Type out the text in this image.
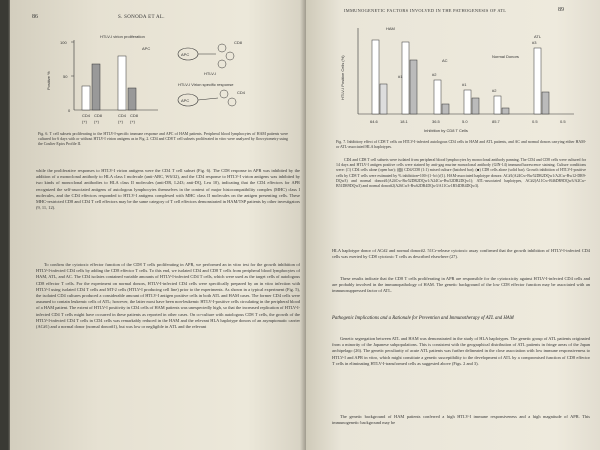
86	S. SONODA ET AL.
100
50
0
Positive %
CD4 CD8	CD4 CD8
(+) (+)	(+) (+)
HTLV-I virion proliferation
APC
APC
CD8
HTLV-I
HTLV-I Virion specific response
APC
CD4
Fig. 6. T cell subsets proliferating to the HTLV-I-specific immune response and APC of HAM patients. Peripheral blood lymphocytes of HAM patients were cultured for 6 days with or without HTLV-I virion antigens as in Fig. 2. CD4 and CD8 T cell subsets proliferated in vitro were analyzed by flowcytometry using the Coulter Epics Profile II.
while the proliferative responses to HTLV-I virion antigens were the CD4 T cell subset (Fig. 6). The CD8 response in APR was inhibited by the addition of a monoclonal antibody to HLA class I molecule (anti-ABC, W6/32), and the CD4 response to HTLV-I virion antigens was inhibited by two kinds of monoclonal antibodies to HLA class II molecules (anti-DR, L243; anti-DQ, Leu 10), indicating that the CD4 effectors for APR recognized the self-associated antigens of autologous lymphocytes themselves in the context of major histocompatibility complex (MHC) class I molecules, and the CD4 effectors responded to HTLV-I antigens complexed with MHC class II molecules on the antigen presenting cells. These MHC-restricted CD8 and CD4 T cell effectors may be the same category of T cell effectors demonstrated in HAM/TSP patients by other investigators (9, 11, 12).
To confirm the cytotoxic effector function of the CD8 T cells proliferating in APR, we performed an in vitro test for the growth inhibition of HTLV-I-infected CD4 cells by adding the CD8 effector T cells. To this end, we isolated CD4 and CD8 T cells from peripheral blood lymphocytes of HAM, ATL, and AC. The CD4 isolates contained variable amounts of HTLV-I-infected CD4 T cells, which were used as the target cells of autologous CD8 effector T cells. For the experiment on normal donors, HTLV-I-infected CD4 cells were specifically prepared by an in vitro infection with HTLV-I using isolated CD4 T cells and MT-2 cells (HTLV-I producing cell line) prior to the experiments. As shown in a typical experiment (Fig. 5), the isolated CD4 cultures produced a considerable amount of HTLV-I antigen positive cells in both ATL and HAM cases. The former CD4 cells were assumed to contain leukemic cells of ATL; however, the latter most have been non-leukemic HTLV-I-positive cells circulating in the peripheral blood of a HAM patient. The extent of HTLV-I positivity in CD4 cells of HAM patients was unexpectedly high, so that the increased replication of HTLV-I-infected CD4 T cells might have occurred in these patients as reported in other cases. On co-culture with autologous CD8 T cells, the growth of the HTLV-I-infected CD4 T cells in CD4 cells was remarkably reduced in the HAM and the relevant HLA haplotype donors of an asymptomatic carrier (AC#1) and a normal donor (normal donor#1), but was low or negligible in ATL and the relevant
IMMUNOGENETIC FACTORS INVOLVED IN THE PATHOGENESIS OF ATL	89
HTLV-I Positive Cells (%)
HAM
AC
Normal Donors
ATL
#1	#2
#1
#2
#3
64.6	18.1	36.5	5.0	85.7	0.5	0.5
Inhibition by CD8 T Cells
Fig. 7. Inhibitory effect of CD8 T cells on HTLV-I-infected autologous CD4 cells in HAM and ATL patients, and AC and normal donors carrying either HAM- or ATL-associated HLA haplotypes.
CD4 and CD8 T cell subsets were isolated from peripheral blood lymphocytes by monoclonal antibody panning. The CD4 and CD8 cells were cultured for 14 days and HTLV-I antigen positive cells were stained by anti-gag murine monoclonal antibody (GIN-14) immunofluorescence staining. Culture conditions were: (□) CD4 cells alone (open bar); (▨) CD4/CD8 (1:1) mixed culture (hatched bar); (■) CD8 cells alone (solid bar). Growth inhibition of HTLV-I-positive cells by CD8 T cells were estimated by % inhibition=100×(1−b/c)/(1). HAM-associated haplotype donors: AC#1(A24Cw-Bw52DR2DQw1/A2Cw-Bw12-DR9-DQw3) and normal donor#1(A24Cw-Bw52DR2DQw1/A24Cw-Bw52DR2DQw1); ATL-associated haplotypes, AC#2(A11Cw-B46DR9DQw3/A2Cw-B51DR9DQw3) and normal donor#2(A26Cw3-Bw62DR4DQw3/A11Cw1B54DR4DQw3).
HLA haplotype donor of AC#2 and normal donor#2. 51Cr-release cytotoxic assay confirmed that the growth inhibition of HTLV-I-infected CD4 cells was exerted by CD8 cytotoxic T cells as described elsewhere (27).
These results indicate that the CD8 T cells proliferating in APR are responsible for the cytotoxicity against HTLV-I-infected CD4 cells and are probably involved in the immunopathology of HAM. The genetic background of the low CD8 effector function may be associated with an immunosuppressed factor of ATL.
Pathogenic Implications and a Rationale for Prevention and Immunotherapy of ATL and HAM
Genetic segregation between ATL and HAM was demonstrated in the study of HLA haplotypes. The genetic group of ATL patients originated from a minority of the Japanese subpopulations. This is consistent with the geographical distribution of ATL patients in fringe areas of the Japan archipelago (26). The genetic peculiarity of acute ATL patients was further delineated in the close association with low immune responsiveness to HTLV-I and APR in vitro, which might constitute a genetic susceptibility to the development of ATL by a compromised function of CD8 effector T cells in eliminating HTLV-I-transformed cells as suggested above (Figs. 2 and 3).
The genetic background of HAM patients conferred a high HTLV-I immune responsiveness and a high magnitude of APR. This immunogenetic background may be
